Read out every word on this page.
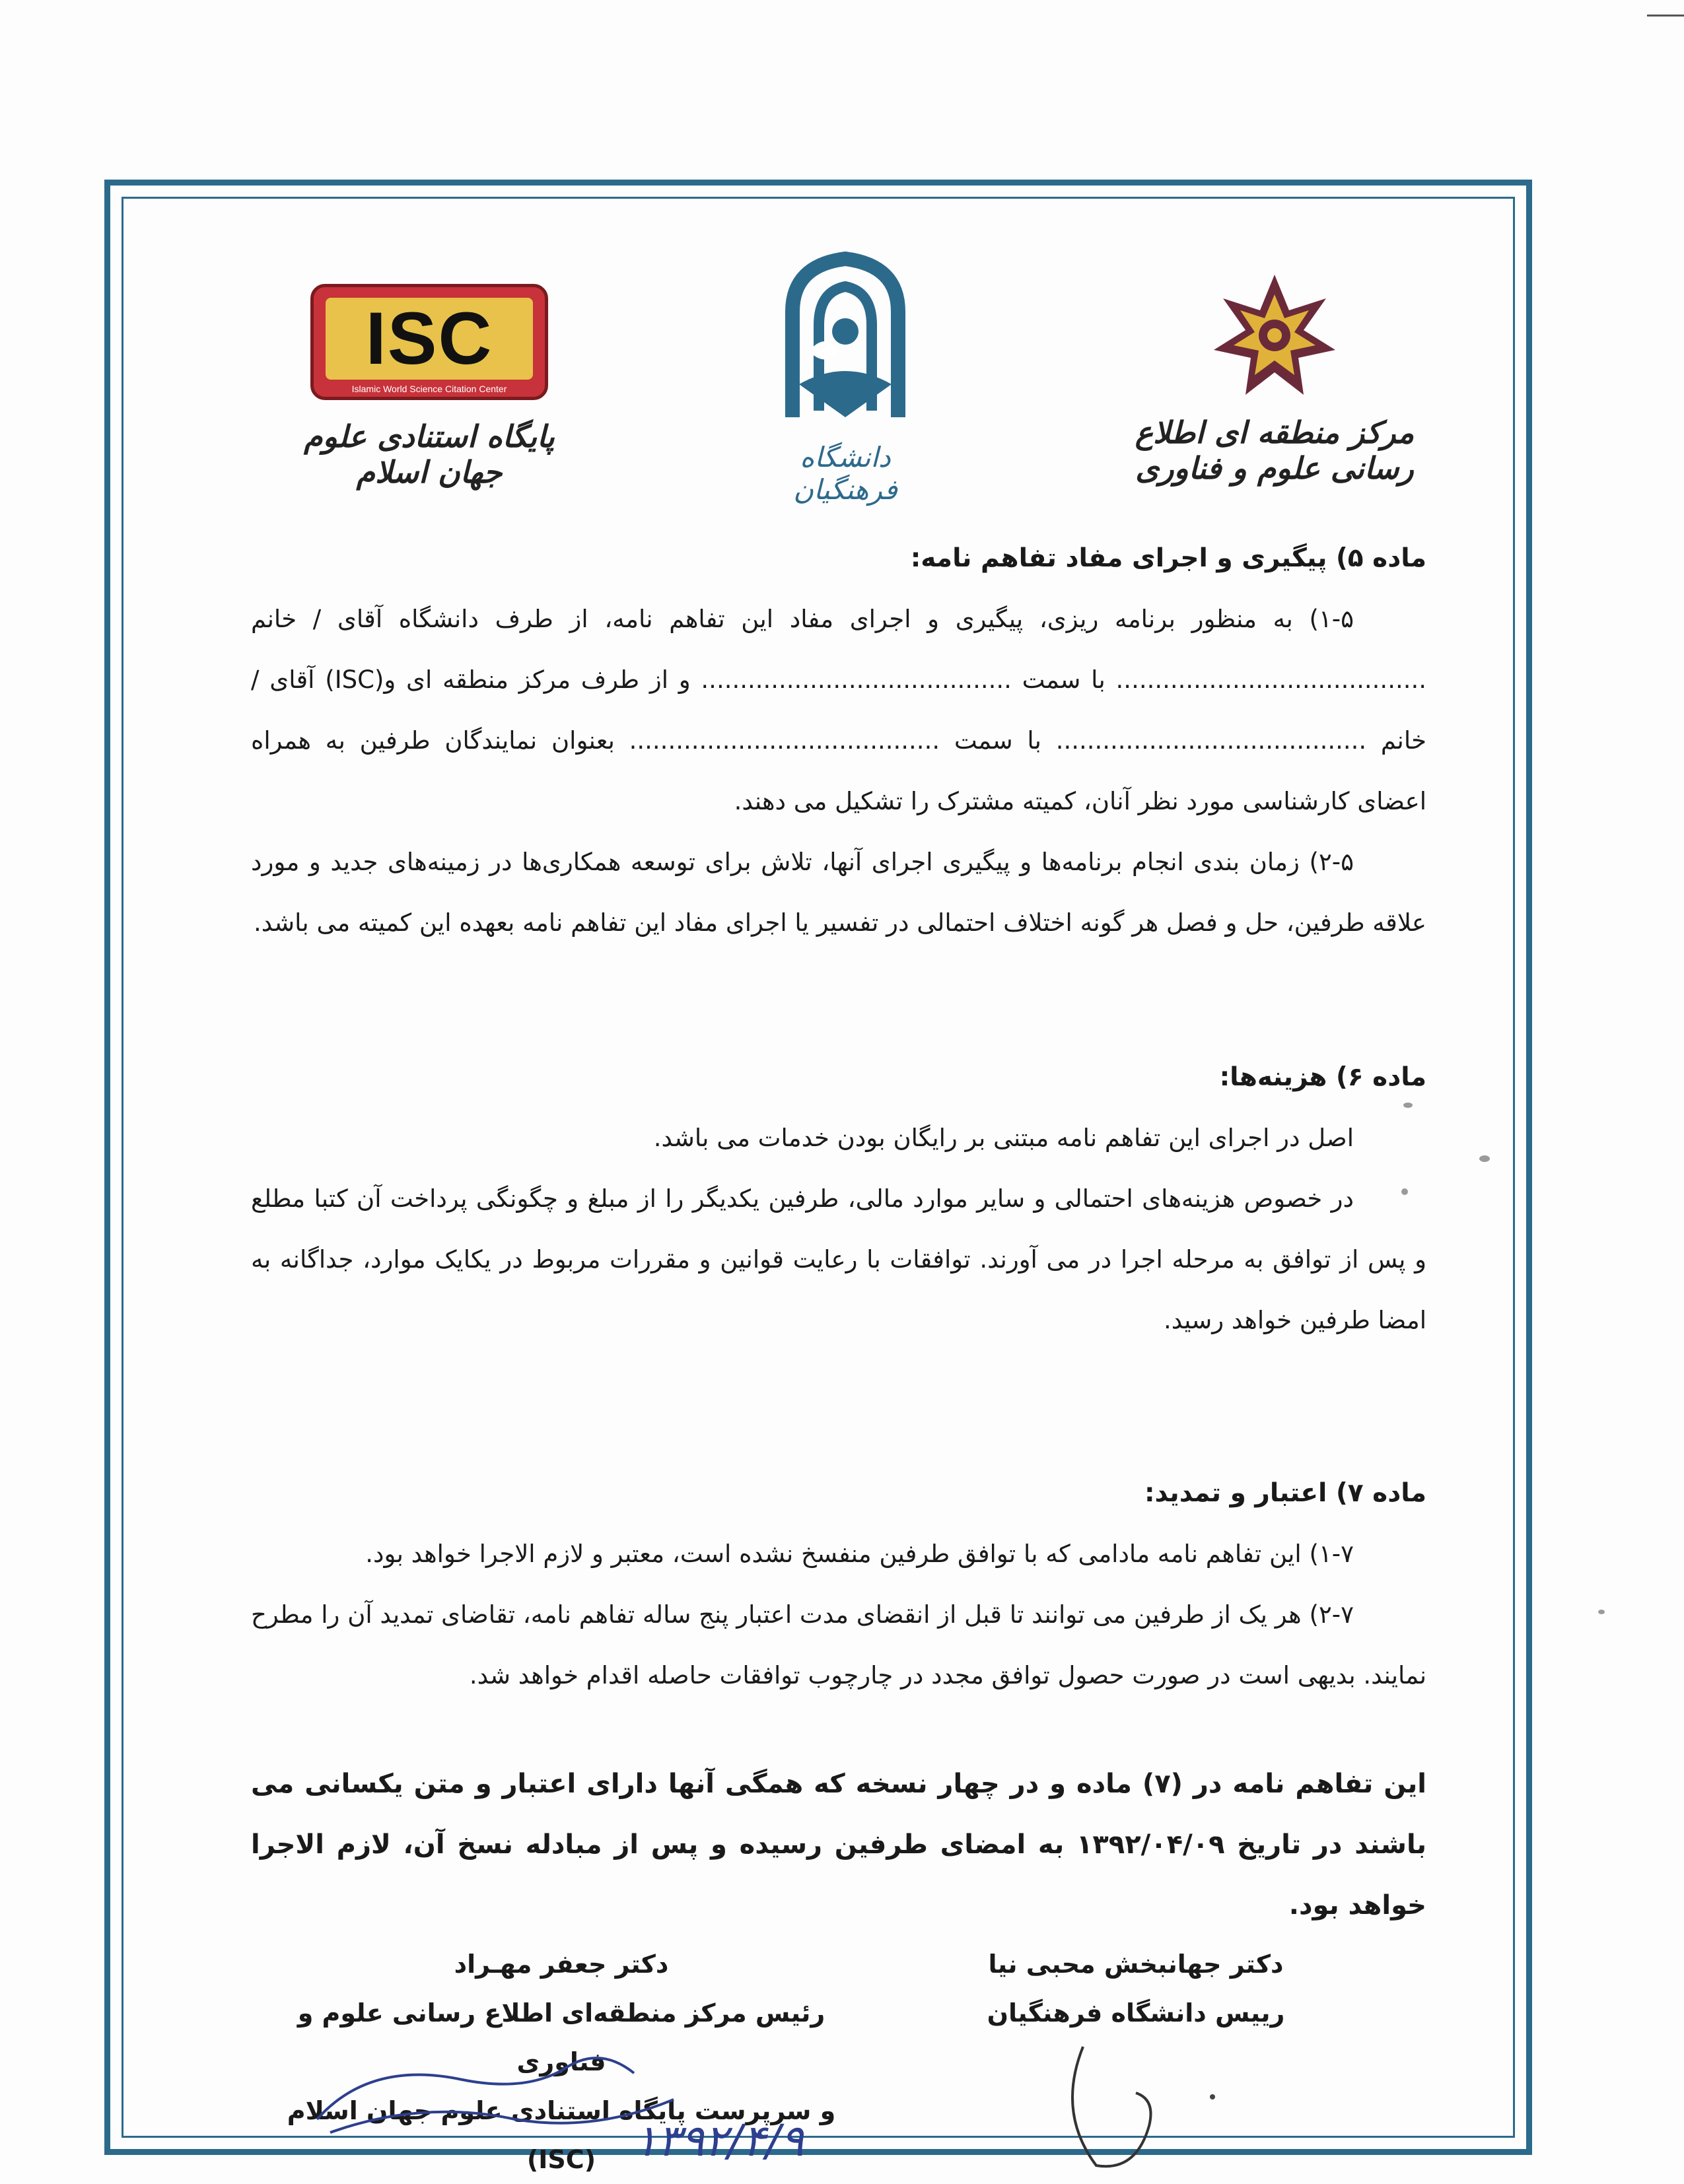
ISC
Islamic World Science Citation Center
پایگاه استنادی علوم جهان اسلام	دانشگاه فرهنگیان
مرکز منطقه ای اطلاع رسانی علوم و فناوری

ماده ۵) پیگیری و اجرای مفاد تفاهم نامه:

۱-۵) به منظور برنامه ریزی، پیگیری و اجرای مفاد این تفاهم نامه، از طرف دانشگاه آقای / خانم ........................................ با سمت ........................................ و از طرف مرکز منطقه ای و(ISC) آقای / خانم ........................................ با سمت ........................................ بعنوان نمایندگان طرفین به همراه اعضای کارشناسی مورد نظر آنان، کمیته مشترک را تشکیل می دهند.

۲-۵) زمان بندی انجام برنامه‌ها و پیگیری اجرای آنها، تلاش برای توسعه همکاری‌ها در زمینه‌های جدید و مورد علاقه طرفین، حل و فصل هر گونه اختلاف احتمالی در تفسیر یا اجرای مفاد این تفاهم نامه بعهده این کمیته می باشد.

ماده ۶) هزینه‌ها:

اصل در اجرای این تفاهم نامه مبتنی بر رایگان بودن خدمات می باشد.

در خصوص هزینه‌های احتمالی و سایر موارد مالی، طرفین یکدیگر را از مبلغ و چگونگی پرداخت آن کتبا مطلع و پس از توافق به مرحله اجرا در می آورند. توافقات با رعایت قوانین و مقررات مربوط در یکایک موارد، جداگانه به امضا طرفین خواهد رسید.

ماده ۷) اعتبار و تمدید:

۱-۷) این تفاهم نامه مادامی که با توافق طرفین منفسخ نشده است، معتبر و لازم الاجرا خواهد بود.

۲-۷) هر یک از طرفین می توانند تا قبل از انقضای مدت اعتبار پنج ساله تفاهم نامه، تقاضای تمدید آن را مطرح نمایند. بدیهی است در صورت حصول توافق مجدد در چارچوب توافقات حاصله اقدام خواهد شد.

این تفاهم نامه در (۷) ماده و در چهار نسخه که همگی آنها دارای اعتبار و متن یکسانی می باشند در تاریخ ۱۳۹۲/۰۴/۰۹ به امضای طرفین رسیده و پس از مبادله نسخ آن، لازم الاجرا خواهد بود.
دکتر جعفر مهـراد
رئیس مرکز منطقه‌ای اطلاع رسانی علوم و فناوری
و سرپرست پایگاه استنادی علوم جهان اسلام (ISC)
دکتر جهانبخش محبی نیا
رییس دانشگاه فرهنگیان
۱۳۹۲/۴/۹
